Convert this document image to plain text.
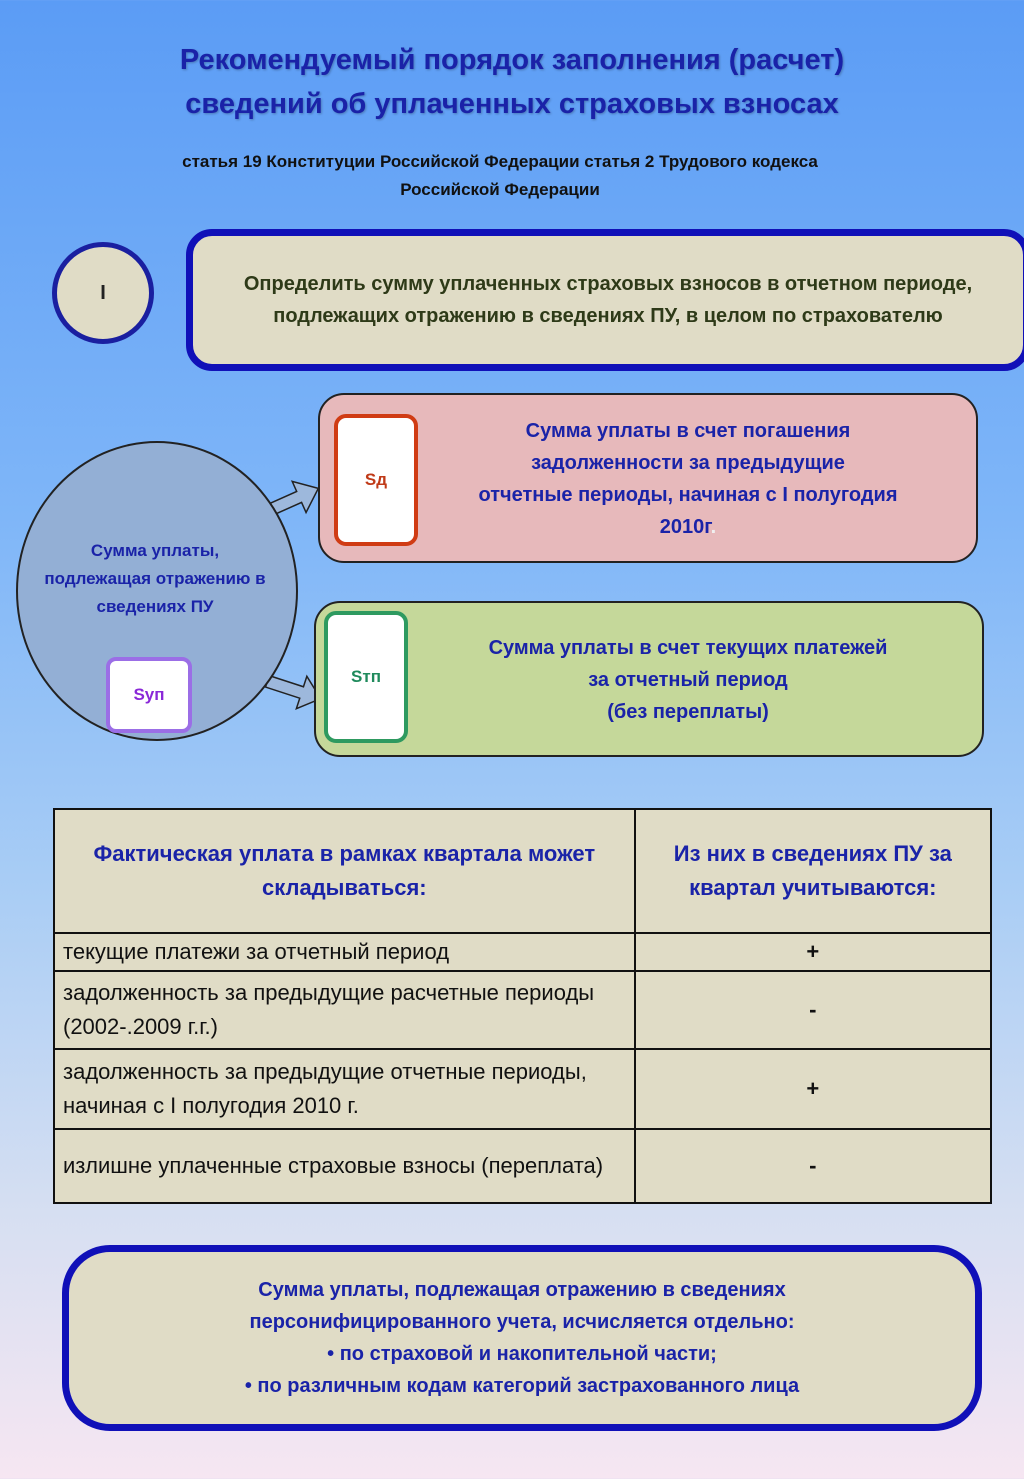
Рекомендуемый порядок заполнения (расчет)
сведений об уплаченных страховых взносах
статья 19 Конституции Российской Федерации статья 2 Трудового кодекса
Российской Федерации
I	Определить сумму уплаченных страховых взносов в отчетном периоде, подлежащих отражению в сведениях ПУ, в целом по страхователю
Сумма уплаты, подлежащая отражению в сведениях ПУ
Sуп
Sд
Сумма уплаты в счет погашения
задолженности за предыдущие
отчетные периоды, начиная с I полугодия
2010г.
Sтп
Сумма уплаты в счет текущих платежей
за отчетный период
(без переплаты)
Фактическая уплата в рамках квартала может складываться:	Из них в сведениях ПУ за квартал учитываются:
текущие платежи за отчетный период	+
задолженность за предыдущие расчетные периоды (2002-.2009 г.г.)	-
задолженность за предыдущие отчетные периоды, начиная с I полугодия 2010 г.	+
излишне уплаченные страховые взносы (переплата)	-
Сумма уплаты, подлежащая отражению в сведениях
персонифицированного учета, исчисляется отдельно:
• по страховой и накопительной части;
• по различным кодам категорий застрахованного лица
